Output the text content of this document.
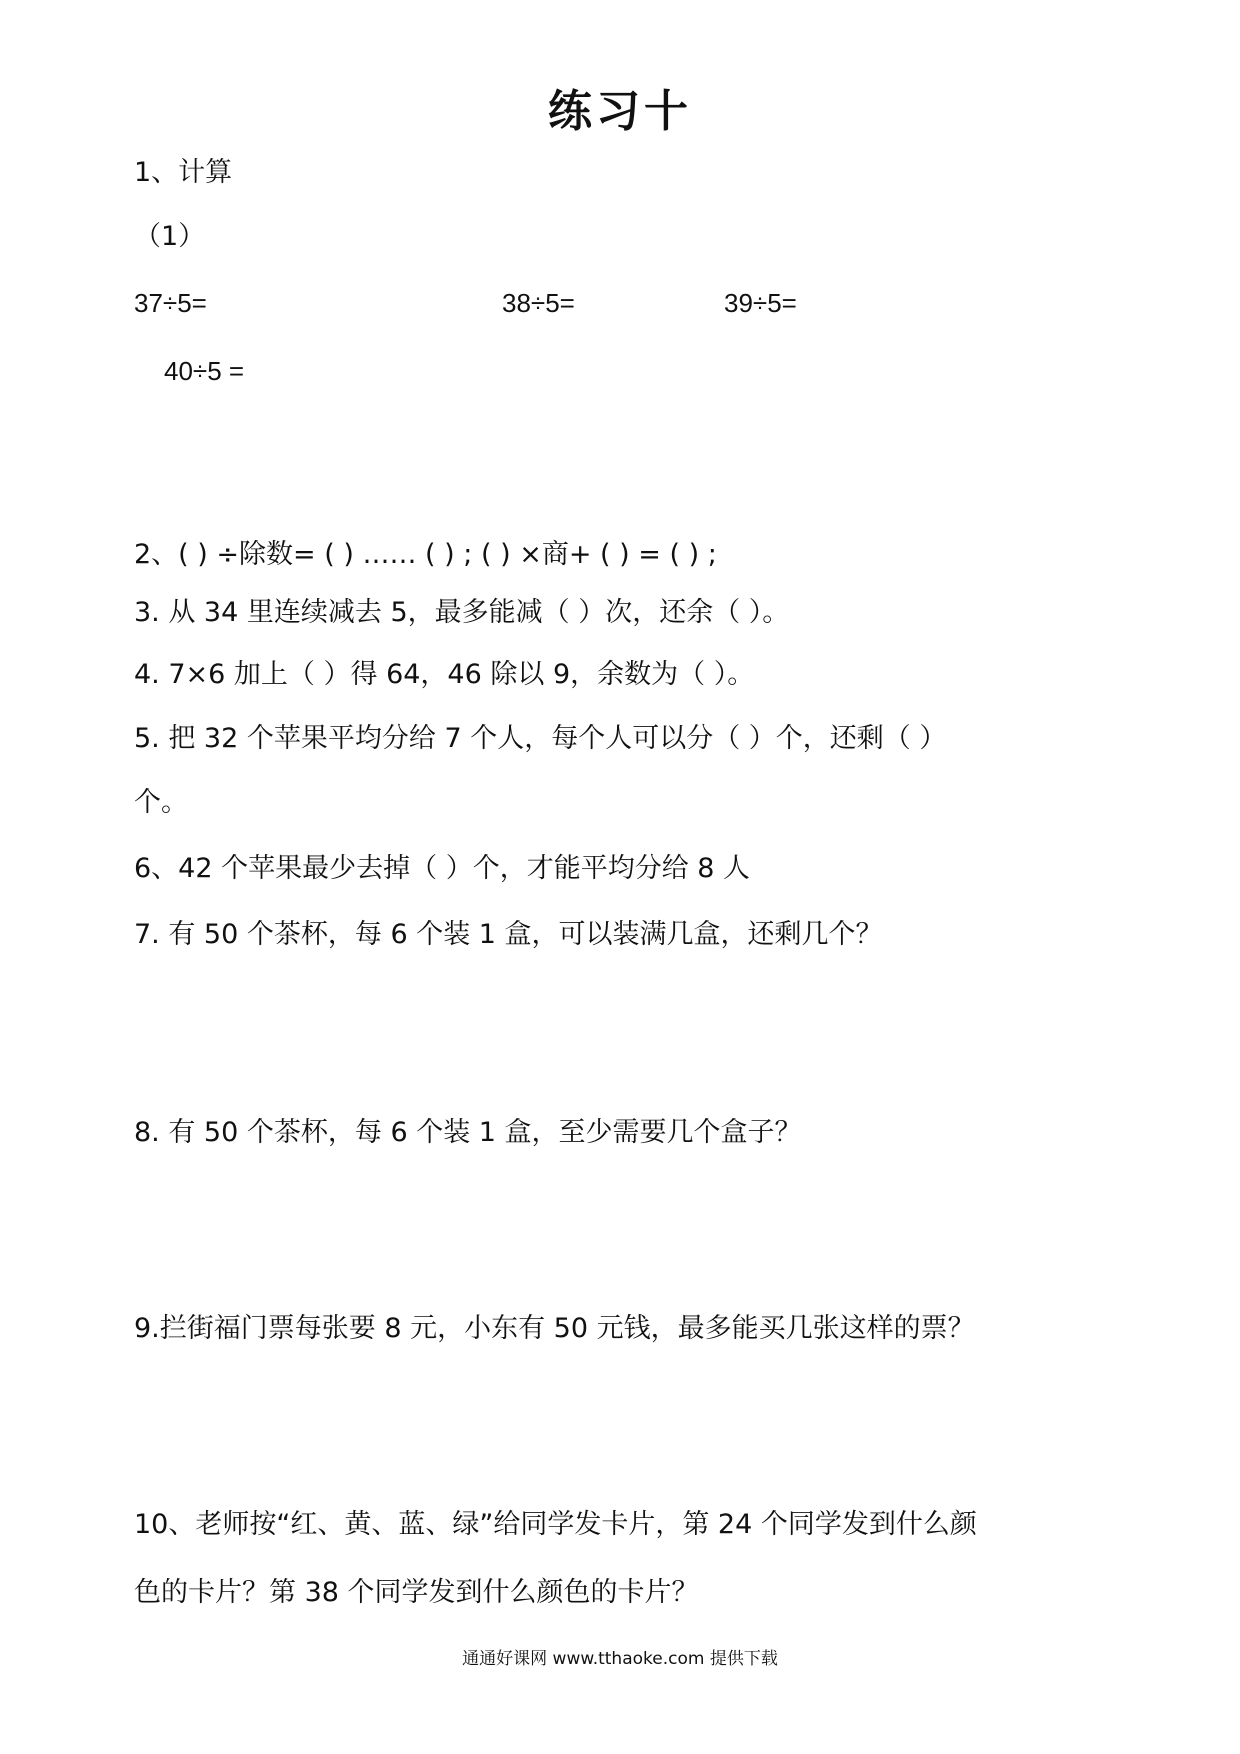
练习十
1、计算
（1）
37÷5=	38÷5=	39÷5=
40÷5 =
2、( ) ÷除数= ( ) …… ( ) ; ( ) ×商+ ( ) = ( ) ;
3. 从 34 里连续减去 5，最多能减（ ）次，还余（ ）。
4. 7×6 加上（ ）得 64，46 除以 9，余数为（ ）。
5. 把 32 个苹果平均分给 7 个人，每个人可以分（ ）个，还剩（ ）
个。
6、42 个苹果最少去掉（ ）个，才能平均分给 8 人
7. 有 50 个茶杯，每 6 个装 1 盒，可以装满几盒，还剩几个？
8. 有 50 个茶杯，每 6 个装 1 盒，至少需要几个盒子？
9.拦街福门票每张要 8 元，小东有 50 元钱，最多能买几张这样的票？
10、老师按“红、黄、蓝、绿”给同学发卡片，第 24 个同学发到什么颜
色的卡片？第 38 个同学发到什么颜色的卡片？
通通好课网 www.tthaoke.com 提供下载
